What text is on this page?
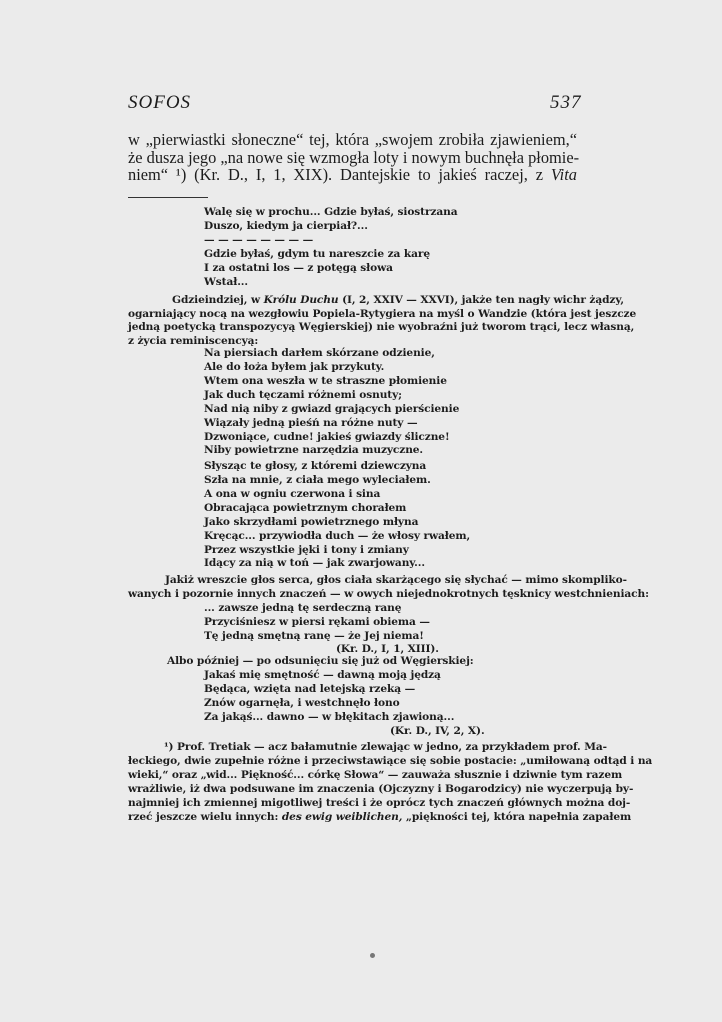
SOFOS	537
w „pierwiastki słoneczne“ tej, która „swojem zrobiła zjawieniem,“
że dusza jego „na nowe się wzmogła loty i nowym buchnęła płomie-
niem“ ¹) (Kr. D., I, 1, XIX). Dantejskie to jakieś raczej, z Vita
Walę się w prochu... Gdzie byłaś, siostrzana
Duszo, kiedym ja cierpiał?...
— — — — — — — —
Gdzie byłaś, gdym tu nareszcie za karę
I za ostatni los — z potęgą słowa
Wstał...
Gdzieindziej, w Królu Duchu (I, 2, XXIV — XXVI), jakże ten nagły wichr żądzy,
ogarniający nocą na wezgłowiu Popiela-Rytygiera na myśl o Wandzie (która jest jeszcze
jedną poetycką transpozycyą Węgierskiej) nie wyobraźni już tworom trąci, lecz własną,
z życia reminiscencyą:
Na piersiach darłem skórzane odzienie,
Ale do łoża byłem jak przykuty.
Wtem ona weszła w te straszne płomienie
Jak duch tęczami różnemi osnuty;
Nad nią niby z gwiazd grających pierścienie
Wiązały jedną pieśń na różne nuty —
Dzwoniące, cudne! jakieś gwiazdy śliczne!
Niby powietrzne narzędzia muzyczne.
Słysząc te głosy, z któremi dziewczyna
Szła na mnie, z ciała mego wyleciałem.
A ona w ogniu czerwona i sina
Obracająca powietrznym chorałem
Jako skrzydłami powietrznego młyna
Kręcąc... przywiodła duch — że włosy rwałem,
Przez wszystkie jęki i tony i zmiany
Idący za nią w toń — jak zwarjowany...
Jakiż wreszcie głos serca, głos ciała skarżącego się słychać — mimo skompliko-
wanych i pozornie innych znaczeń — w owych niejednokrotnych tęsknicy westchnieniach:
... zawsze jedną tę serdeczną ranę
Przyciśniesz w piersi rękami obiema —
Tę jedną smętną ranę — że Jej niema!
(Kr. D., I, 1, XIII).
Albo później — po odsunięciu się już od Węgierskiej:
Jakaś mię smętność — dawną moją jędzą
Będąca, wzięta nad letejską rzeką —
Znów ogarnęła, i westchnęło łono
Za jakąś... dawno — w błękitach zjawioną...
(Kr. D., IV, 2, X).
¹) Prof. Tretiak — acz bałamutnie zlewając w jedno, za przykładem prof. Ma-
łeckiego, dwie zupełnie różne i przeciwstawiące się sobie postacie: „umiłowaną odtąd i na
wieki,“ oraz „wid... Piękność... córkę Słowa“ — zauważa słusznie i dziwnie tym razem
wrażliwie, iż dwa podsuwane im znaczenia (Ojczyzny i Bogarodzicy) nie wyczerpują by-
najmniej ich zmiennej migotliwej treści i że oprócz tych znaczeń głównych można doj-
rzeć jeszcze wielu innych: des ewig weiblichen, „piękności tej, która napełnia zapałem
